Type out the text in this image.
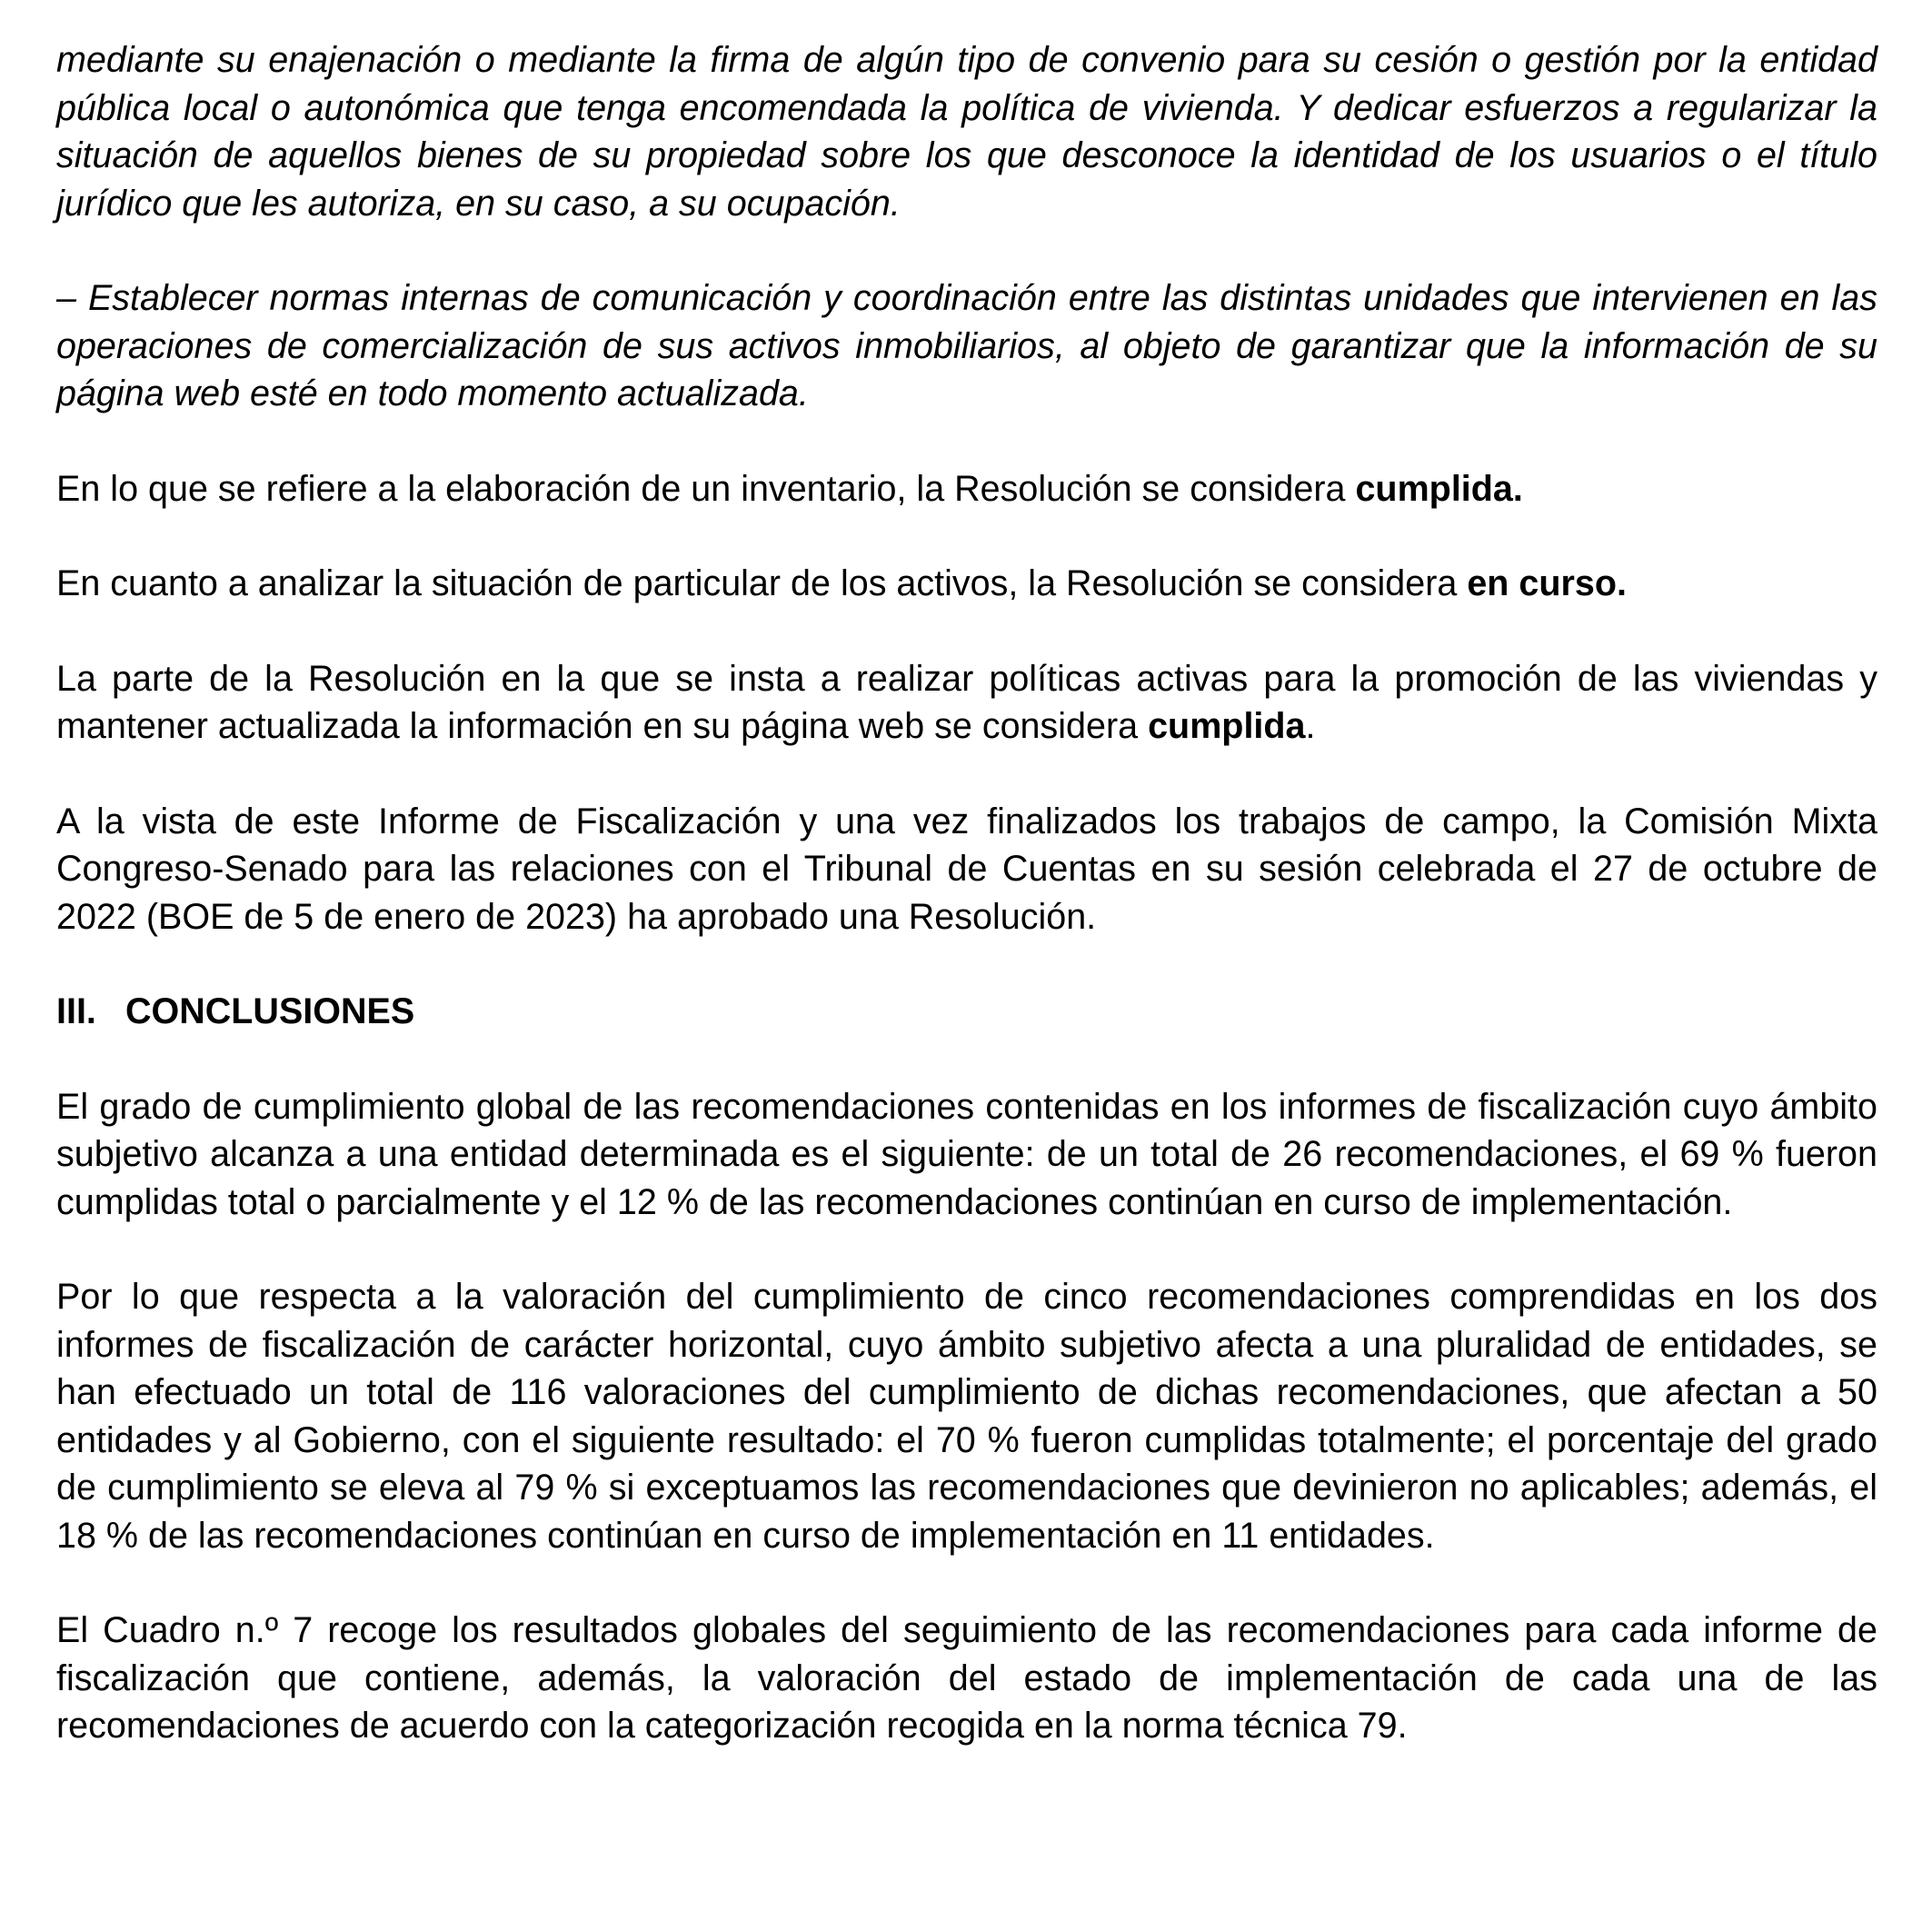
mediante su enajenación o mediante la firma de algún tipo de convenio para su cesión o gestión por la entidad pública local o autonómica que tenga encomendada la política de vivienda. Y dedicar esfuerzos a regularizar la situación de aquellos bienes de su propiedad sobre los que desconoce la identidad de los usuarios o el título jurídico que les autoriza, en su caso, a su ocupación.

– Establecer normas internas de comunicación y coordinación entre las distintas unidades que intervienen en las operaciones de comercialización de sus activos inmobiliarios, al objeto de garantizar que la información de su página web esté en todo momento actualizada.

En lo que se refiere a la elaboración de un inventario, la Resolución se considera cumplida.

En cuanto a analizar la situación de particular de los activos, la Resolución se considera en curso.

La parte de la Resolución en la que se insta a realizar políticas activas para la promoción de las viviendas y mantener actualizada la información en su página web se considera cumplida.

A la vista de este Informe de Fiscalización y una vez finalizados los trabajos de campo, la Comisión Mixta Congreso-Senado para las relaciones con el Tribunal de Cuentas en su sesión celebrada el 27 de octubre de 2022 (BOE de 5 de enero de 2023) ha aprobado una Resolución.

III. CONCLUSIONES

El grado de cumplimiento global de las recomendaciones contenidas en los informes de fiscalización cuyo ámbito subjetivo alcanza a una entidad determinada es el siguiente: de un total de 26 recomendaciones, el 69 % fueron cumplidas total o parcialmente y el 12 % de las recomendaciones continúan en curso de implementación.

Por lo que respecta a la valoración del cumplimiento de cinco recomendaciones comprendidas en los dos informes de fiscalización de carácter horizontal, cuyo ámbito subjetivo afecta a una pluralidad de entidades, se han efectuado un total de 116 valoraciones del cumplimiento de dichas recomendaciones, que afectan a 50 entidades y al Gobierno, con el siguiente resultado: el 70 % fueron cumplidas totalmente; el porcentaje del grado de cumplimiento se eleva al 79 % si exceptuamos las recomendaciones que devinieron no aplicables; además, el 18 % de las recomendaciones continúan en curso de implementación en 11 entidades.

El Cuadro n.º 7 recoge los resultados globales del seguimiento de las recomendaciones para cada informe de fiscalización que contiene, además, la valoración del estado de implementación de cada una de las recomendaciones de acuerdo con la categorización recogida en la norma técnica 79.
